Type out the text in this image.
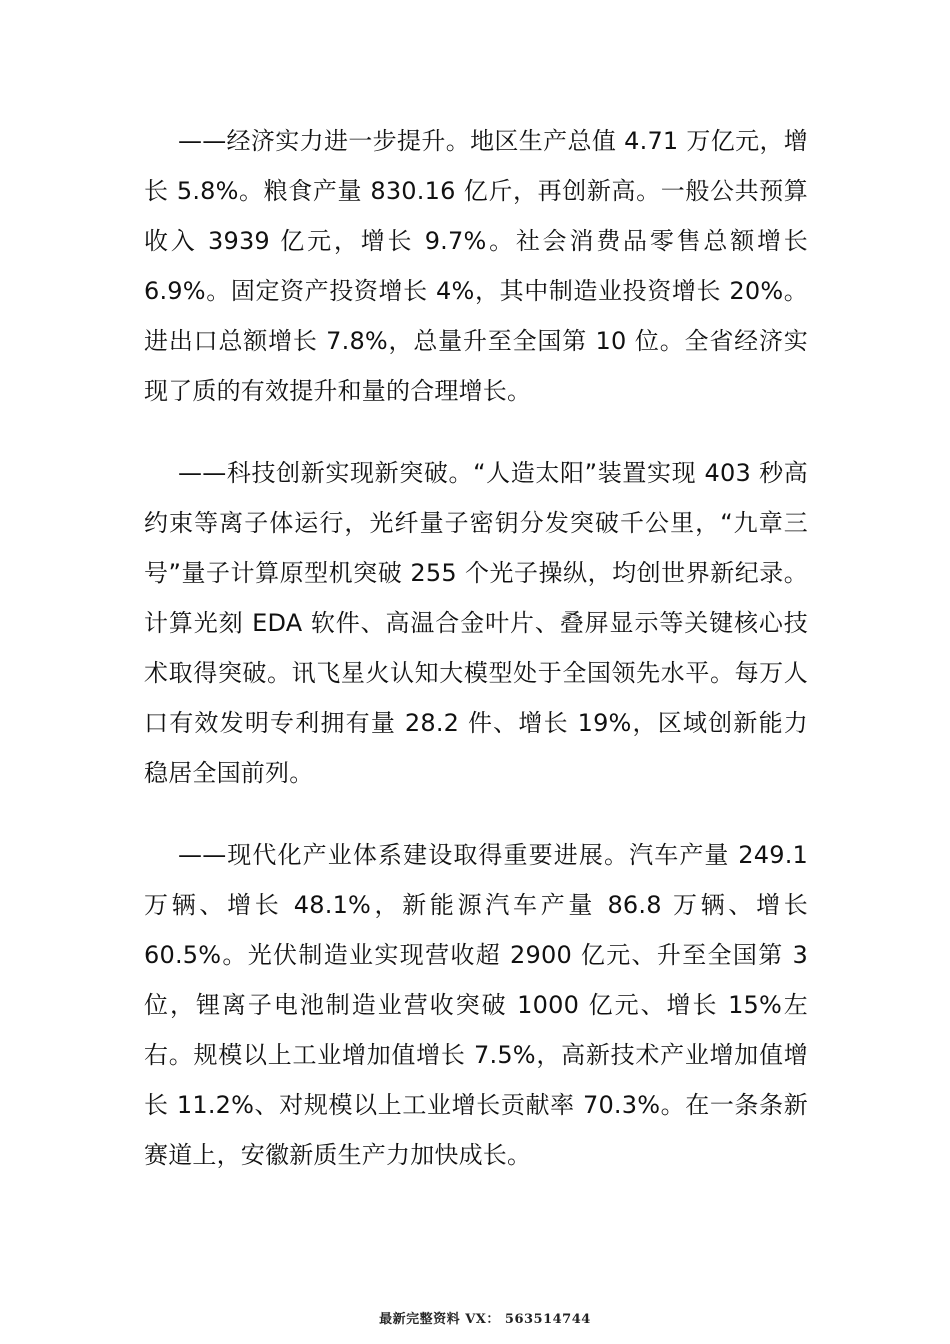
——经济实力进一步提升。地区生产总值 4.71 万亿元，增长 5.8%。粮食产量 830.16 亿斤，再创新高。一般公共预算收入 3939 亿元，增长 9.7%。社会消费品零售总额增长 6.9%。固定资产投资增长 4%，其中制造业投资增长 20%。进出口总额增长 7.8%，总量升至全国第 10 位。全省经济实现了质的有效提升和量的合理增长。

——科技创新实现新突破。“人造太阳”装置实现 403 秒高约束等离子体运行，光纤量子密钥分发突破千公里，“九章三号”量子计算原型机突破 255 个光子操纵，均创世界新纪录。计算光刻 EDA 软件、高温合金叶片、叠屏显示等关键核心技术取得突破。讯飞星火认知大模型处于全国领先水平。每万人口有效发明专利拥有量 28.2 件、增长 19%，区域创新能力稳居全国前列。

——现代化产业体系建设取得重要进展。汽车产量 249.1 万辆、增长 48.1%，新能源汽车产量 86.8 万辆、增长 60.5%。光伏制造业实现营收超 2900 亿元、升至全国第 3 位，锂离子电池制造业营收突破 1000 亿元、增长 15%左右。规模以上工业增加值增长 7.5%，高新技术产业增加值增长 11.2%、对规模以上工业增长贡献率 70.3%。在一条条新赛道上，安徽新质生产力加快成长。

最新完整资料 VX： 563514744
